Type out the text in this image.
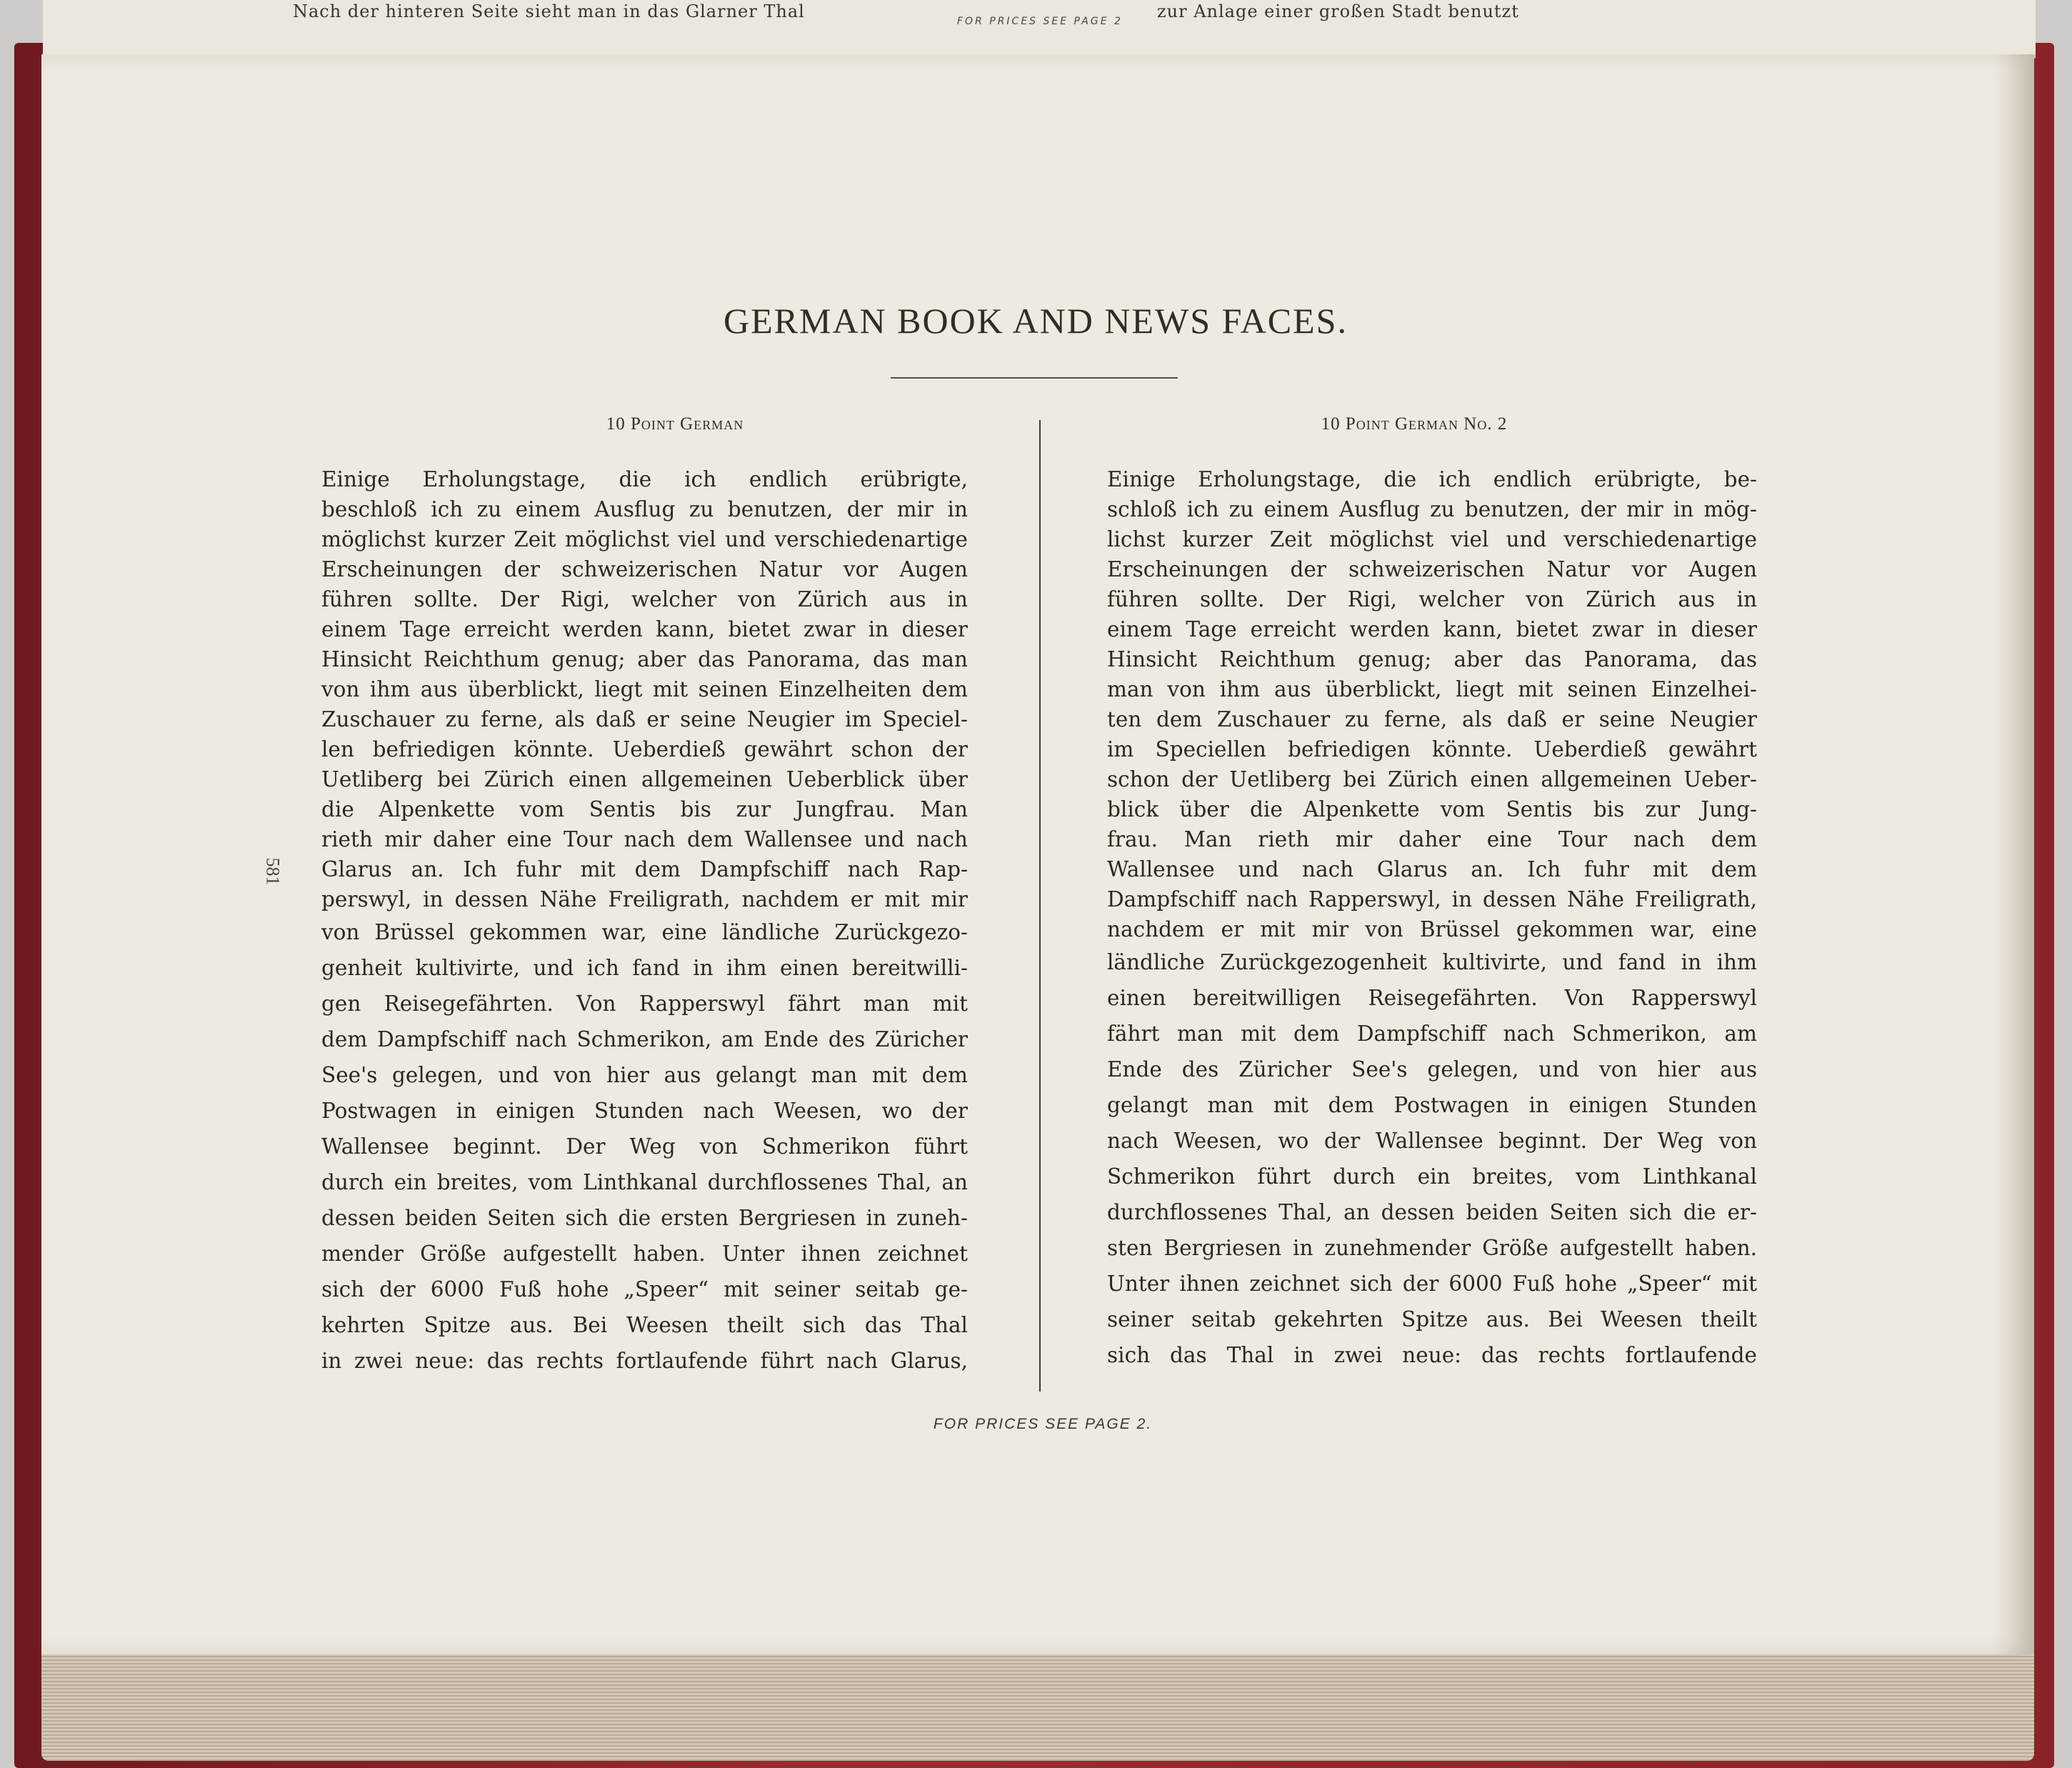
Nach der hinteren Seite sieht man in das Glarner Thal	zur Anlage einer großen Stadt benutzt
FOR PRICES SEE PAGE 2
GERMAN BOOK AND NEWS FACES.
10 Point German	10 Point German No. 2
581
Einige Erholungstage, die ich endlich erübrigte,
beschloß ich zu einem Ausflug zu benutzen, der mir in
möglichst kurzer Zeit möglichst viel und verschiedenartige
Erscheinungen der schweizerischen Natur vor Augen
führen sollte. Der Rigi, welcher von Zürich aus in
einem Tage erreicht werden kann, bietet zwar in dieser
Hinsicht Reichthum genug; aber das Panorama, das man
von ihm aus überblickt, liegt mit seinen Einzelheiten dem
Zuschauer zu ferne, als daß er seine Neugier im Speciel-
len befriedigen könnte. Ueberdieß gewährt schon der
Uetliberg bei Zürich einen allgemeinen Ueberblick über
die Alpenkette vom Sentis bis zur Jungfrau. Man
rieth mir daher eine Tour nach dem Wallensee und nach
Glarus an. Ich fuhr mit dem Dampfschiff nach Rap-
perswyl, in dessen Nähe Freiligrath, nachdem er mit mir
von Brüssel gekommen war, eine ländliche Zurückgezo-
genheit kultivirte, und ich fand in ihm einen bereitwilli-
gen Reisegefährten. Von Rapperswyl fährt man mit
dem Dampfschiff nach Schmerikon, am Ende des Züricher
See's gelegen, und von hier aus gelangt man mit dem
Postwagen in einigen Stunden nach Weesen, wo der
Wallensee beginnt. Der Weg von Schmerikon führt
durch ein breites, vom Linthkanal durchflossenes Thal, an
dessen beiden Seiten sich die ersten Bergriesen in zuneh-
mender Größe aufgestellt haben. Unter ihnen zeichnet
sich der 6000 Fuß hohe „Speer“ mit seiner seitab ge-
kehrten Spitze aus. Bei Weesen theilt sich das Thal
in zwei neue: das rechts fortlaufende führt nach Glarus,
Einige Erholungstage, die ich endlich erübrigte, be-
schloß ich zu einem Ausflug zu benutzen, der mir in mög-
lichst kurzer Zeit möglichst viel und verschiedenartige
Erscheinungen der schweizerischen Natur vor Augen
führen sollte. Der Rigi, welcher von Zürich aus in
einem Tage erreicht werden kann, bietet zwar in dieser
Hinsicht Reichthum genug; aber das Panorama, das
man von ihm aus überblickt, liegt mit seinen Einzelhei-
ten dem Zuschauer zu ferne, als daß er seine Neugier
im Speciellen befriedigen könnte. Ueberdieß gewährt
schon der Uetliberg bei Zürich einen allgemeinen Ueber-
blick über die Alpenkette vom Sentis bis zur Jung-
frau. Man rieth mir daher eine Tour nach dem
Wallensee und nach Glarus an. Ich fuhr mit dem
Dampfschiff nach Rapperswyl, in dessen Nähe Freiligrath,
nachdem er mit mir von Brüssel gekommen war, eine
ländliche Zurückgezogenheit kultivirte, und fand in ihm
einen bereitwilligen Reisegefährten. Von Rapperswyl
fährt man mit dem Dampfschiff nach Schmerikon, am
Ende des Züricher See's gelegen, und von hier aus
gelangt man mit dem Postwagen in einigen Stunden
nach Weesen, wo der Wallensee beginnt. Der Weg von
Schmerikon führt durch ein breites, vom Linthkanal
durchflossenes Thal, an dessen beiden Seiten sich die er-
sten Bergriesen in zunehmender Größe aufgestellt haben.
Unter ihnen zeichnet sich der 6000 Fuß hohe „Speer“ mit
seiner seitab gekehrten Spitze aus. Bei Weesen theilt
sich das Thal in zwei neue: das rechts fortlaufende
FOR PRICES SEE PAGE 2.
